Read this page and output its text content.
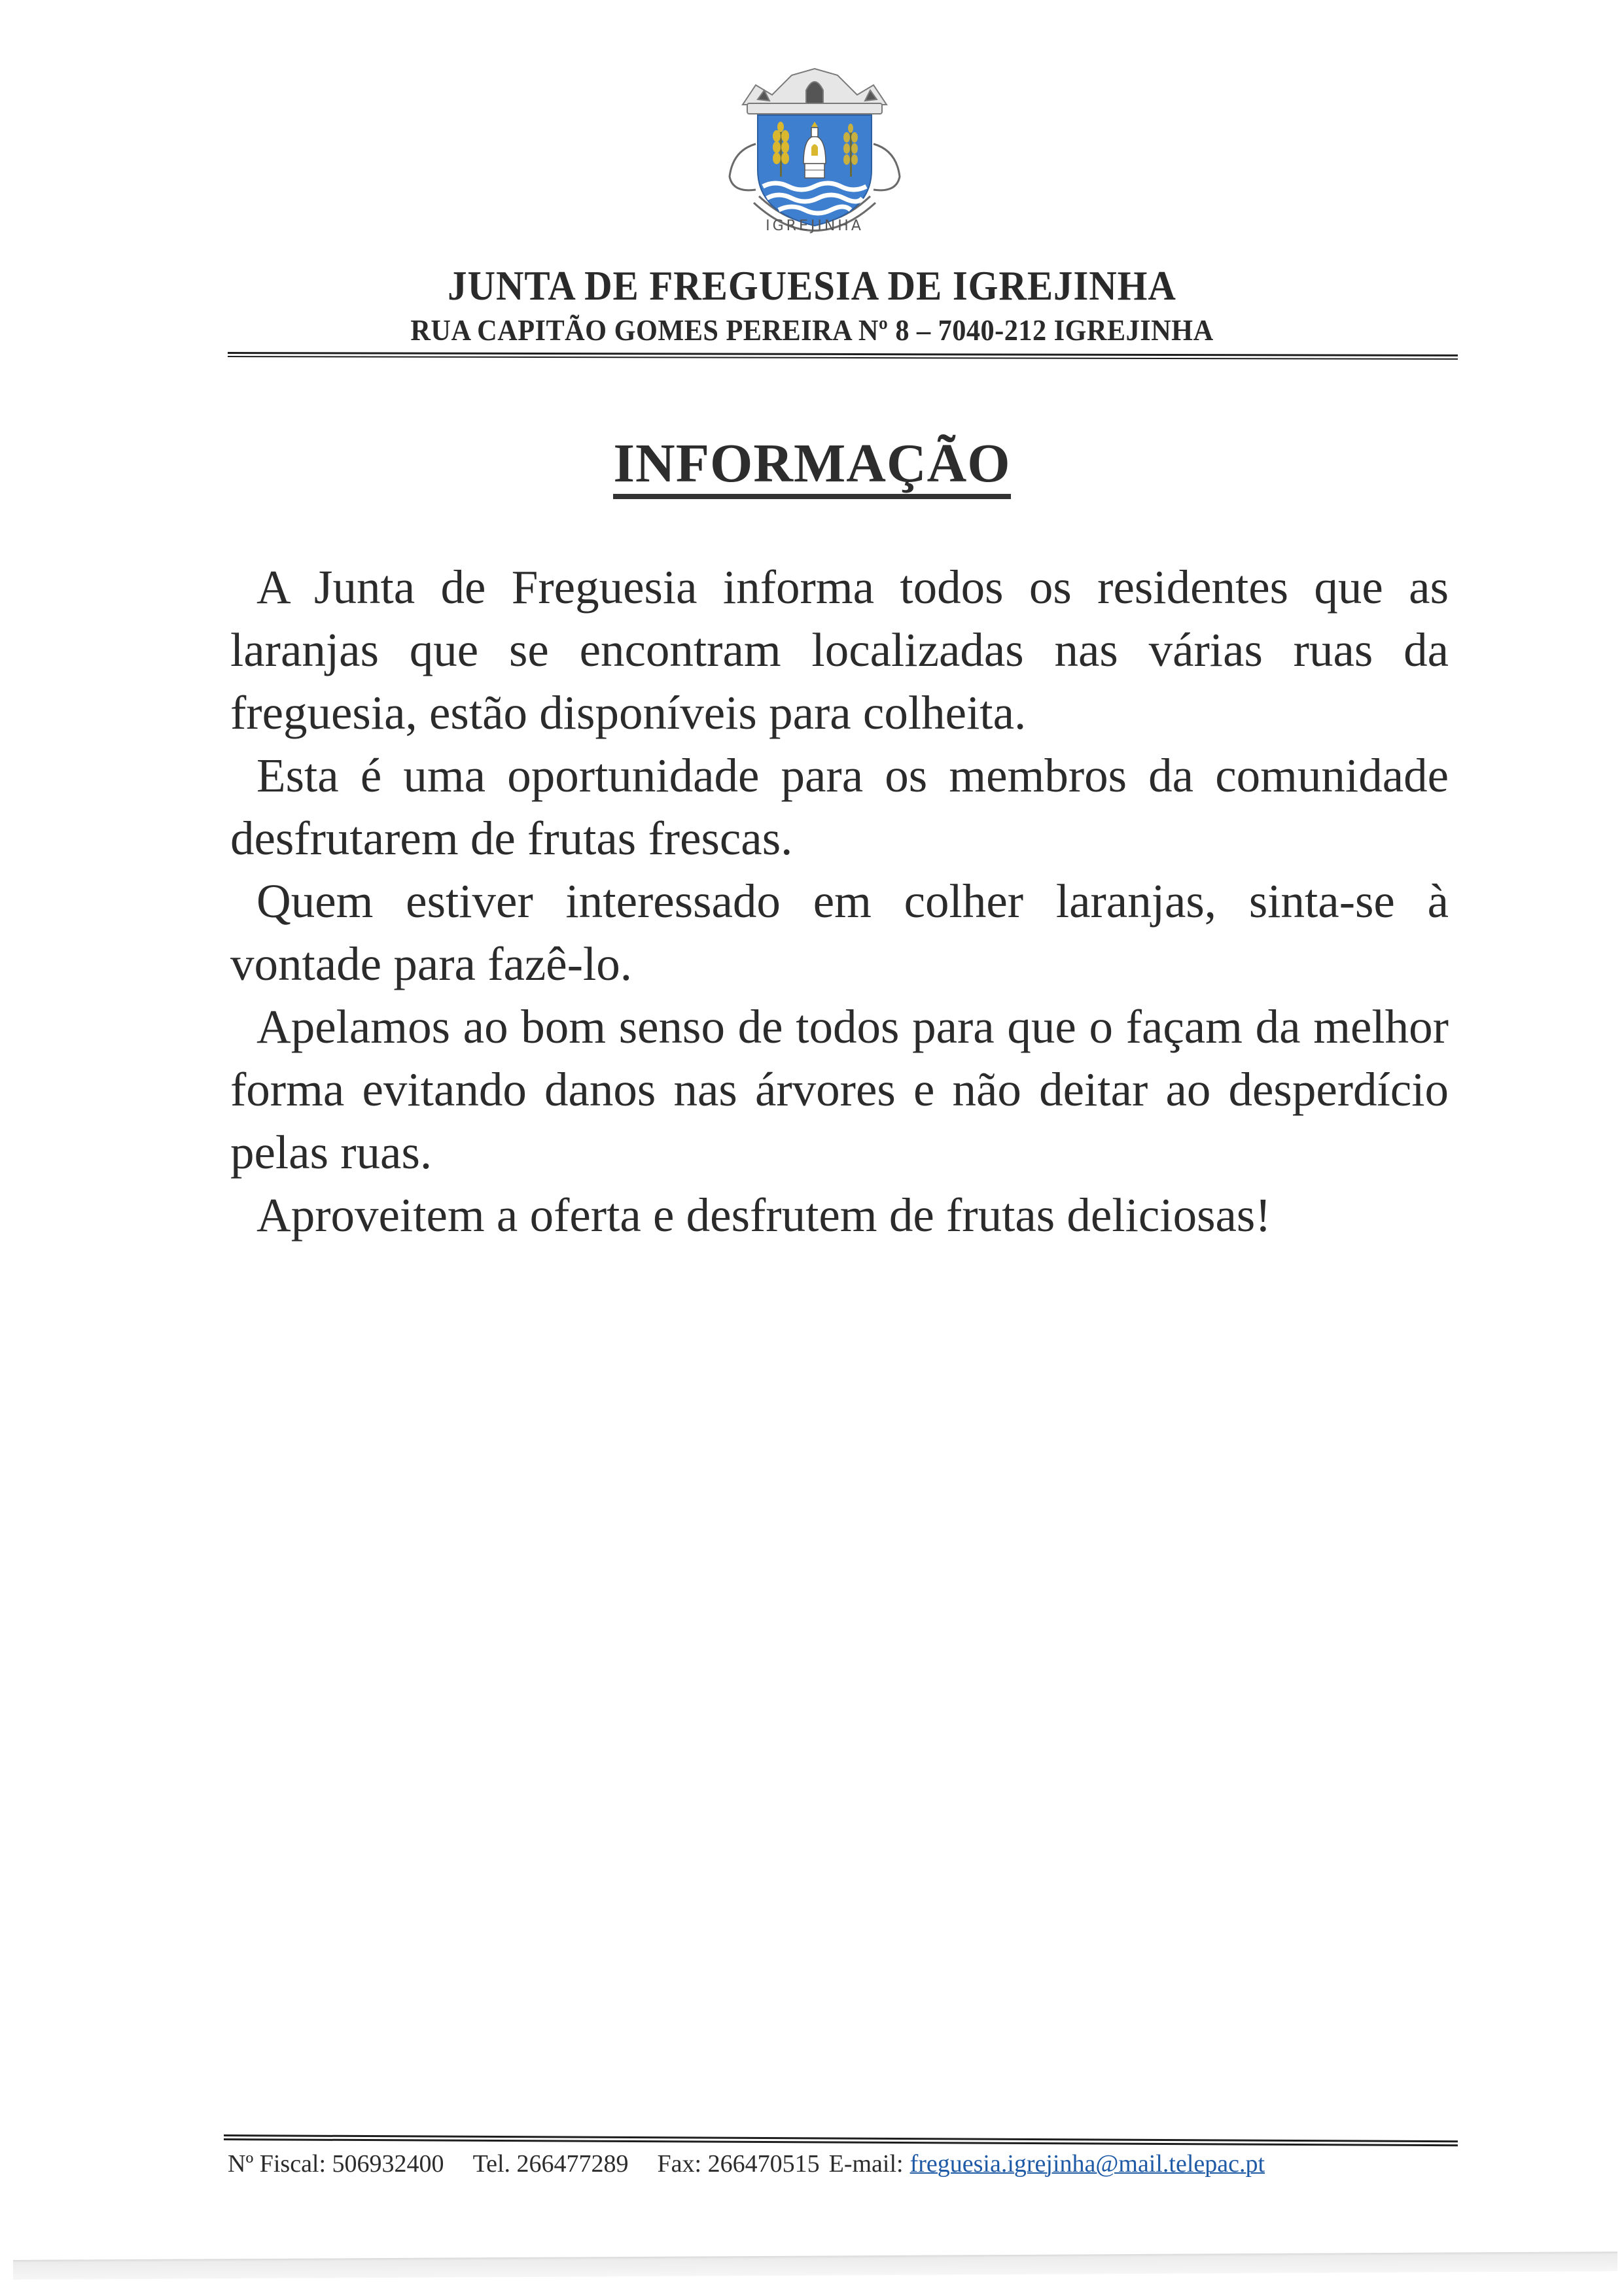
IGREJINHA
JUNTA DE FREGUESIA DE IGREJINHA
RUA CAPITÃO GOMES PEREIRA Nº 8 – 7040-212 IGREJINHA
INFORMAÇÃO

A Junta de Freguesia informa todos os residentes que as laranjas que se encontram localizadas nas várias ruas da freguesia, estão disponíveis para colheita.

Esta é uma oportunidade para os membros da comunidade desfrutarem de frutas frescas.

Quem estiver interessado em colher laranjas, sinta-se à vontade para fazê-lo.

Apelamos ao bom senso de todos para que o façam da melhor forma evitando danos nas árvores e não deitar ao desperdício pelas ruas.

Aproveitem a oferta e desfrutem de frutas deliciosas!

Nº Fiscal: 506932400 Tel. 266477289 Fax: 266470515 E-mail: freguesia.igrejinha@mail.telepac.pt
